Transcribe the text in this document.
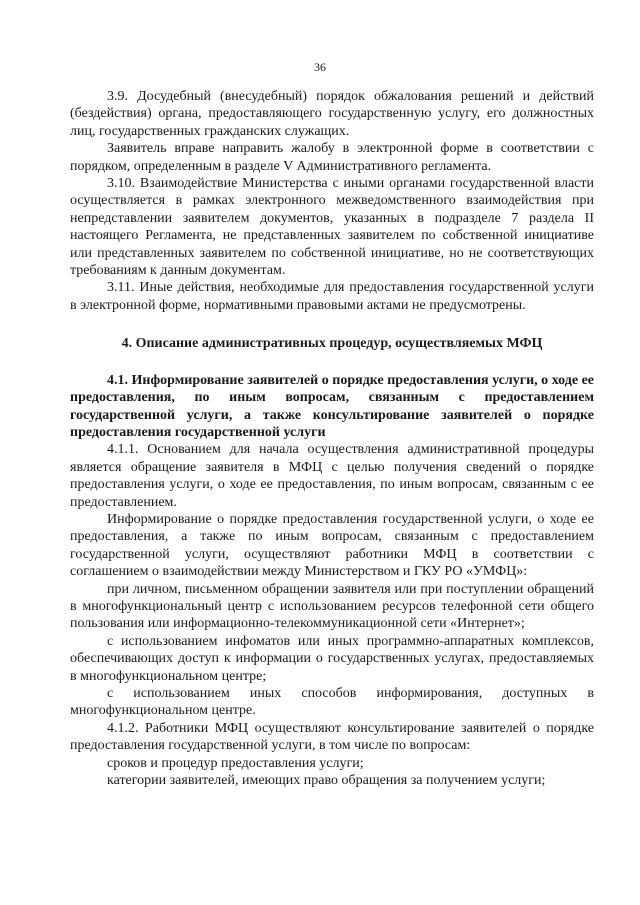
36

3.9. Досудебный (внесудебный) порядок обжалования решений и действий (бездействия) органа, предоставляющего государственную услугу, его должностных лиц, государственных гражданских служащих.

Заявитель вправе направить жалобу в электронной форме в соответствии с порядком, определенным в разделе V Административного регламента.

3.10. Взаимодействие Министерства с иными органами государственной власти осуществляется в рамках электронного межведомственного взаимодействия при непредставлении заявителем документов, указанных в подразделе 7 раздела II настоящего Регламента, не представленных заявителем по собственной инициативе или представленных заявителем по собственной инициативе, но не соответствующих требованиям к данным документам.

3.11. Иные действия, необходимые для предоставления государственной услуги в электронной форме, нормативными правовыми актами не предусмотрены.

4. Описание административных процедур, осуществляемых МФЦ

4.1. Информирование заявителей о порядке предоставления услуги, о ходе ее предоставления, по иным вопросам, связанным с предоставлением государственной услуги, а также консультирование заявителей о порядке предоставления государственной услуги

4.1.1. Основанием для начала осуществления административной процедуры является обращение заявителя в МФЦ с целью получения сведений о порядке предоставления услуги, о ходе ее предоставления, по иным вопросам, связанным с ее предоставлением.

Информирование о порядке предоставления государственной услуги, о ходе ее предоставления, а также по иным вопросам, связанным с предоставлением государственной услуги, осуществляют работники МФЦ в соответствии с соглашением о взаимодействии между Министерством и ГКУ РО «УМФЦ»:

при личном, письменном обращении заявителя или при поступлении обращений в многофункциональный центр с использованием ресурсов телефонной сети общего пользования или информационно-телекоммуникационной сети «Интернет»;

с использованием инфоматов или иных программно-аппаратных комплексов, обеспечивающих доступ к информации о государственных услугах, предоставляемых в многофункциональном центре;

с использованием иных способов информирования, доступных в многофункциональном центре.

4.1.2. Работники МФЦ осуществляют консультирование заявителей о порядке предоставления государственной услуги, в том числе по вопросам:

сроков и процедур предоставления услуги;

категории заявителей, имеющих право обращения за получением услуги;
